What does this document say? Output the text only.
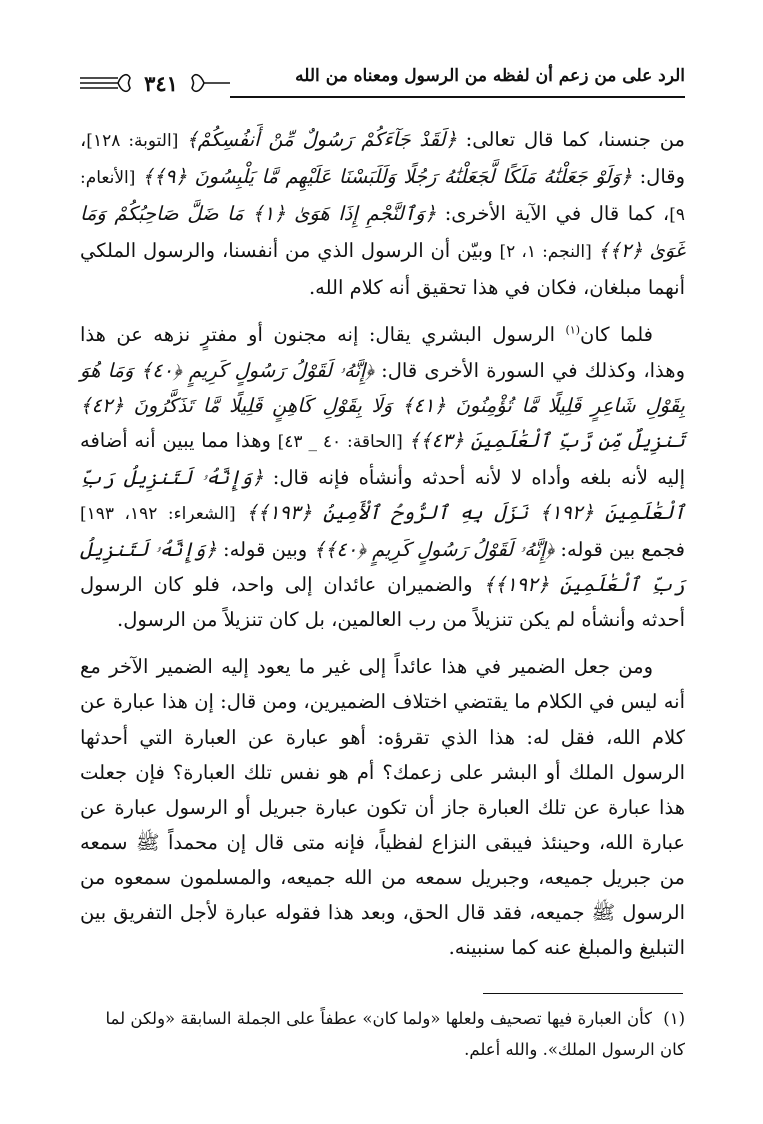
الرد على من زعم أن لفظه من الرسول ومعناه من الله
٣٤١

من جنسنا، كما قال تعالى: ﴿لَقَدْ جَآءَكُمْ رَسُولٌ مِّنْ أَنفُسِكُمْ﴾ [التوبة: ١٢٨]، وقال: ﴿وَلَوْ جَعَلْنَٰهُ مَلَكًا لَّجَعَلْنَٰهُ رَجُلًا وَلَلَبَسْنَا عَلَيْهِم مَّا يَلْبِسُونَ ﴿٩﴾﴾ [الأنعام: ٩]، كما قال في الآية الأخرى: ﴿وَٱلنَّجْمِ إِذَا هَوَىٰ ﴿١﴾ مَا ضَلَّ صَاحِبُكُمْ وَمَا غَوَىٰ ﴿٢﴾﴾ [النجم: ١، ٢] وبيّن أن الرسول الذي من أنفسنا، والرسول الملكي أنهما مبلغان، فكان في هذا تحقيق أنه كلام الله.

فلما كان$^{(١)}$ الرسول البشري يقال: إنه مجنون أو مفترٍ نزهه عن هذا وهذا، وكذلك في السورة الأخرى قال: ﴿إِنَّهُۥ لَقَوْلُ رَسُولٍ كَرِيمٍ ﴿٤٠﴾ وَمَا هُوَ بِقَوْلِ شَاعِرٍ قَلِيلًا مَّا تُؤْمِنُونَ ﴿٤١﴾ وَلَا بِقَوْلِ كَاهِنٍ قَلِيلًا مَّا تَذَكَّرُونَ ﴿٤٢﴾ تَنزِيلٌ مِّن رَّبِّ ٱلْعَٰلَمِينَ ﴿٤٣﴾﴾ [الحاقة: ٤٠ _ ٤٣] وهذا مما يبين أنه أضافه إليه لأنه بلغه وأداه لا لأنه أحدثه وأنشأه فإنه قال: ﴿وَإِنَّهُۥ لَتَنزِيلُ رَبِّ ٱلْعَٰلَمِينَ ﴿١٩٢﴾ نَزَلَ بِهِ ٱلرُّوحُ ٱلْأَمِينُ ﴿١٩٣﴾﴾ [الشعراء: ١٩٢، ١٩٣] فجمع بين قوله: ﴿إِنَّهُۥ لَقَوْلُ رَسُولٍ كَرِيمٍ ﴿٤٠﴾﴾ وبين قوله: ﴿وَإِنَّهُۥ لَتَنزِيلُ رَبِّ ٱلْعَٰلَمِينَ ﴿١٩٢﴾﴾ والضميران عائدان إلى واحد، فلو كان الرسول أحدثه وأنشأه لم يكن تنزيلاً من رب العالمين، بل كان تنزيلاً من الرسول.

ومن جعل الضمير في هذا عائداً إلى غير ما يعود إليه الضمير الآخر مع أنه ليس في الكلام ما يقتضي اختلاف الضميرين، ومن قال: إن هذا عبارة عن كلام الله، فقل له: هذا الذي تقرؤه: أهو عبارة عن العبارة التي أحدثها الرسول الملك أو البشر على زعمك؟ أم هو نفس تلك العبارة؟ فإن جعلت هذا عبارة عن تلك العبارة جاز أن تكون عبارة جبريل أو الرسول عبارة عن عبارة الله، وحينئذ فيبقى النزاع لفظياً، فإنه متى قال إن محمداً ﷺ سمعه من جبريل جميعه، وجبريل سمعه من الله جميعه، والمسلمون سمعوه من الرسول ﷺ جميعه، فقد قال الحق، وبعد هذا فقوله عبارة لأجل التفريق بين التبليغ والمبلغ عنه كما سنبينه.

(١) كأن العبارة فيها تصحيف ولعلها «ولما كان» عطفاً على الجملة السابقة «ولكن لما كان الرسول الملك». والله أعلم.
